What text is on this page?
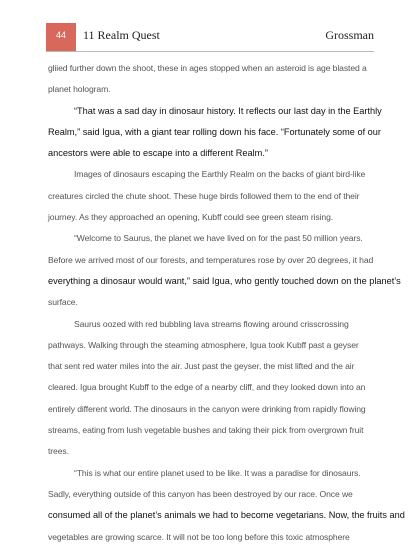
44	11 Realm Quest	Grossman

gliied further down the shoot, these in ages stopped when an asteroid is age blasted a

planet hologram.

“That was a sad day in dinosaur history. It reflects our last day in the Earthly

Realm,” said Igua, with a giant tear rolling down his face. “Fortunately some of our

ancestors were able to escape into a different Realm.”

Images of dinosaurs escaping the Earthly Realm on the backs of giant bird-like

creatures circled the chute shoot. These huge birds followed them to the end of their

journey. As they approached an opening, Kubff could see green steam rising.

“Welcome to Saurus, the planet we have lived on for the past 50 million years.

Before we arrived most of our forests, and temperatures rose by over 20 degrees, it had

everything a dinosaur would want,” said Igua, who gently touched down on the planet’s

surface.

Saurus oozed with red bubbling lava streams flowing around crisscrossing

pathways. Walking through the steaming atmosphere, Igua took Kubff past a geyser

that sent red water miles into the air. Just past the geyser, the mist lifted and the air

cleared. Igua brought Kubff to the edge of a nearby cliff, and they looked down into an

entirely different world. The dinosaurs in the canyon were drinking from rapidly flowing

streams, eating from lush vegetable bushes and taking their pick from overgrown fruit

trees.

“This is what our entire planet used to be like. It was a paradise for dinosaurs.

Sadly, everything outside of this canyon has been destroyed by our race. Once we

consumed all of the planet’s animals we had to become vegetarians. Now, the fruits and

vegetables are growing scarce. It will not be too long before this toxic atmosphere
